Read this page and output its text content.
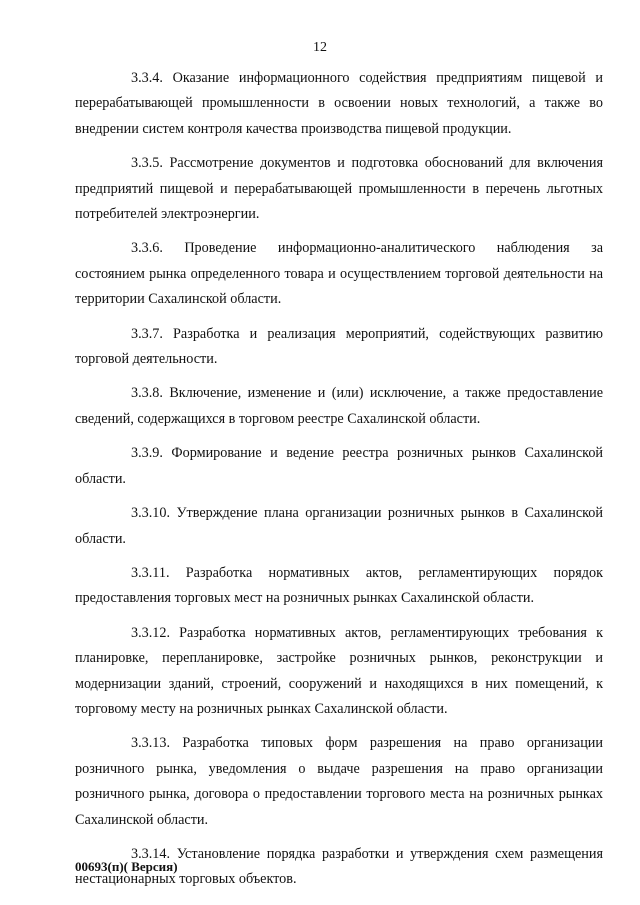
12

3.3.4. Оказание информационного содействия предприятиям пищевой и перерабатывающей промышленности в освоении новых технологий, а также во внедрении систем контроля качества производства пищевой продукции.

3.3.5. Рассмотрение документов и подготовка обоснований для включения предприятий пищевой и перерабатывающей промышленности в перечень льготных потребителей электроэнергии.

3.3.6. Проведение информационно-аналитического наблюдения за состоянием рынка определенного товара и осуществлением торговой деятельности на территории Сахалинской области.

3.3.7. Разработка и реализация мероприятий, содействующих развитию торговой деятельности.

3.3.8. Включение, изменение и (или) исключение, а также предоставление сведений, содержащихся в торговом реестре Сахалинской области.

3.3.9. Формирование и ведение реестра розничных рынков Сахалинской области.

3.3.10. Утверждение плана организации розничных рынков в Сахалинской области.

3.3.11. Разработка нормативных актов, регламентирующих порядок предоставления торговых мест на розничных рынках Сахалинской области.

3.3.12. Разработка нормативных актов, регламентирующих требования к планировке, перепланировке, застройке розничных рынков, реконструкции и модернизации зданий, строений, сооружений и находящихся в них помещений, к торговому месту на розничных рынках Сахалинской области.

3.3.13. Разработка типовых форм разрешения на право организации розничного рынка, уведомления о выдаче разрешения на право организации розничного рынка, договора о предоставлении торгового места на розничных рынках Сахалинской области.

3.3.14. Установление порядка разработки и утверждения схем размещения нестационарных торговых объектов.

00693(п)( Версия)
